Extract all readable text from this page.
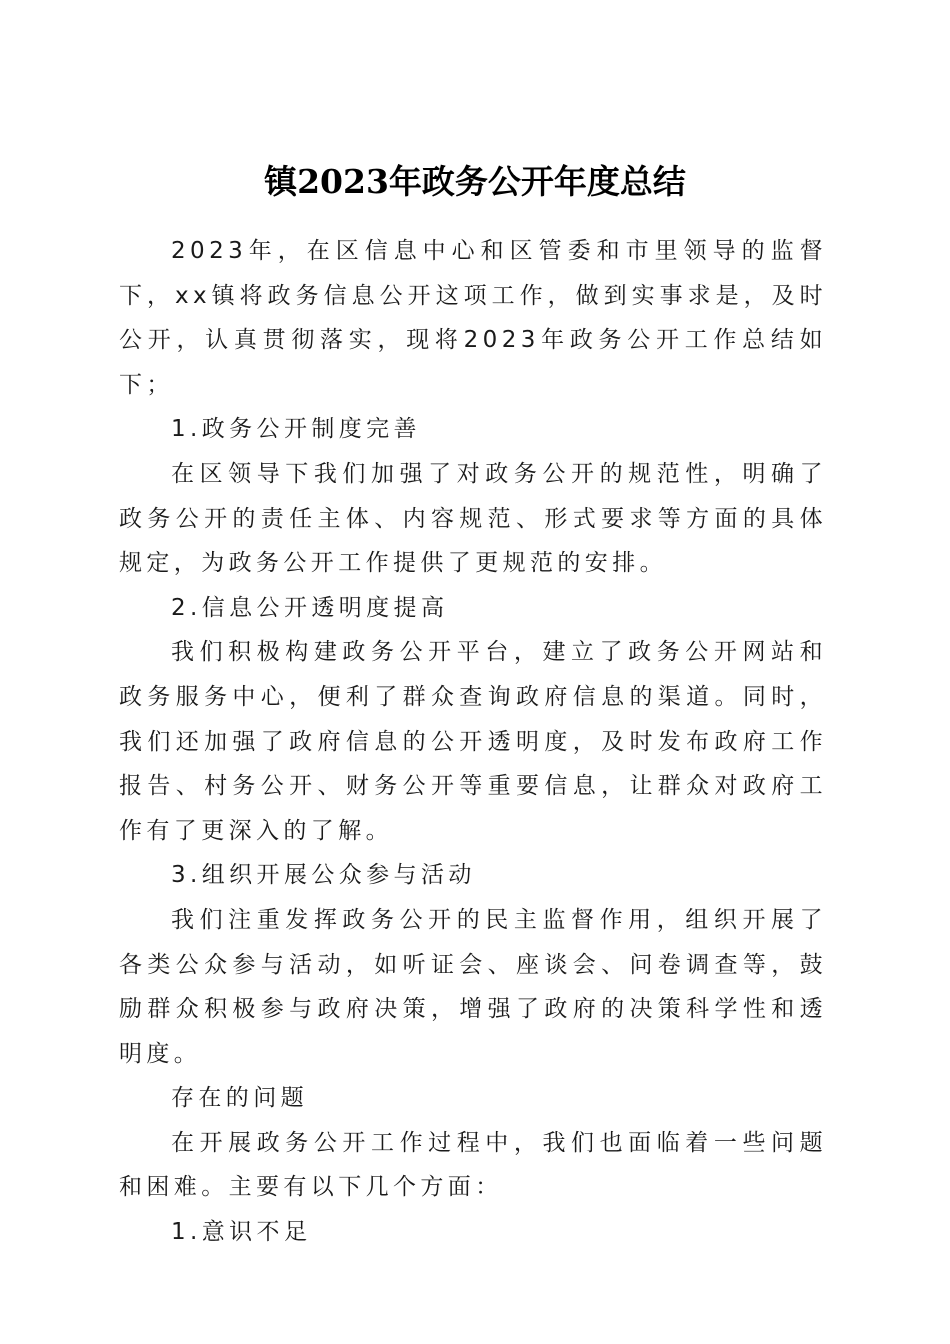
镇2023年政务公开年度总结

2023年，在区信息中心和区管委和市里领导的监督下，xx镇将政务信息公开这项工作，做到实事求是，及时公开，认真贯彻落实，现将2023年政务公开工作总结如下；

1.政务公开制度完善

在区领导下我们加强了对政务公开的规范性，明确了政务公开的责任主体、内容规范、形式要求等方面的具体规定，为政务公开工作提供了更规范的安排。

2.信息公开透明度提高

我们积极构建政务公开平台，建立了政务公开网站和政务服务中心，便利了群众查询政府信息的渠道。同时，我们还加强了政府信息的公开透明度，及时发布政府工作报告、村务公开、财务公开等重要信息，让群众对政府工作有了更深入的了解。

3.组织开展公众参与活动

我们注重发挥政务公开的民主监督作用，组织开展了各类公众参与活动，如听证会、座谈会、问卷调查等，鼓励群众积极参与政府决策，增强了政府的决策科学性和透明度。

存在的问题

在开展政务公开工作过程中，我们也面临着一些问题和困难。主要有以下几个方面：

1.意识不足
